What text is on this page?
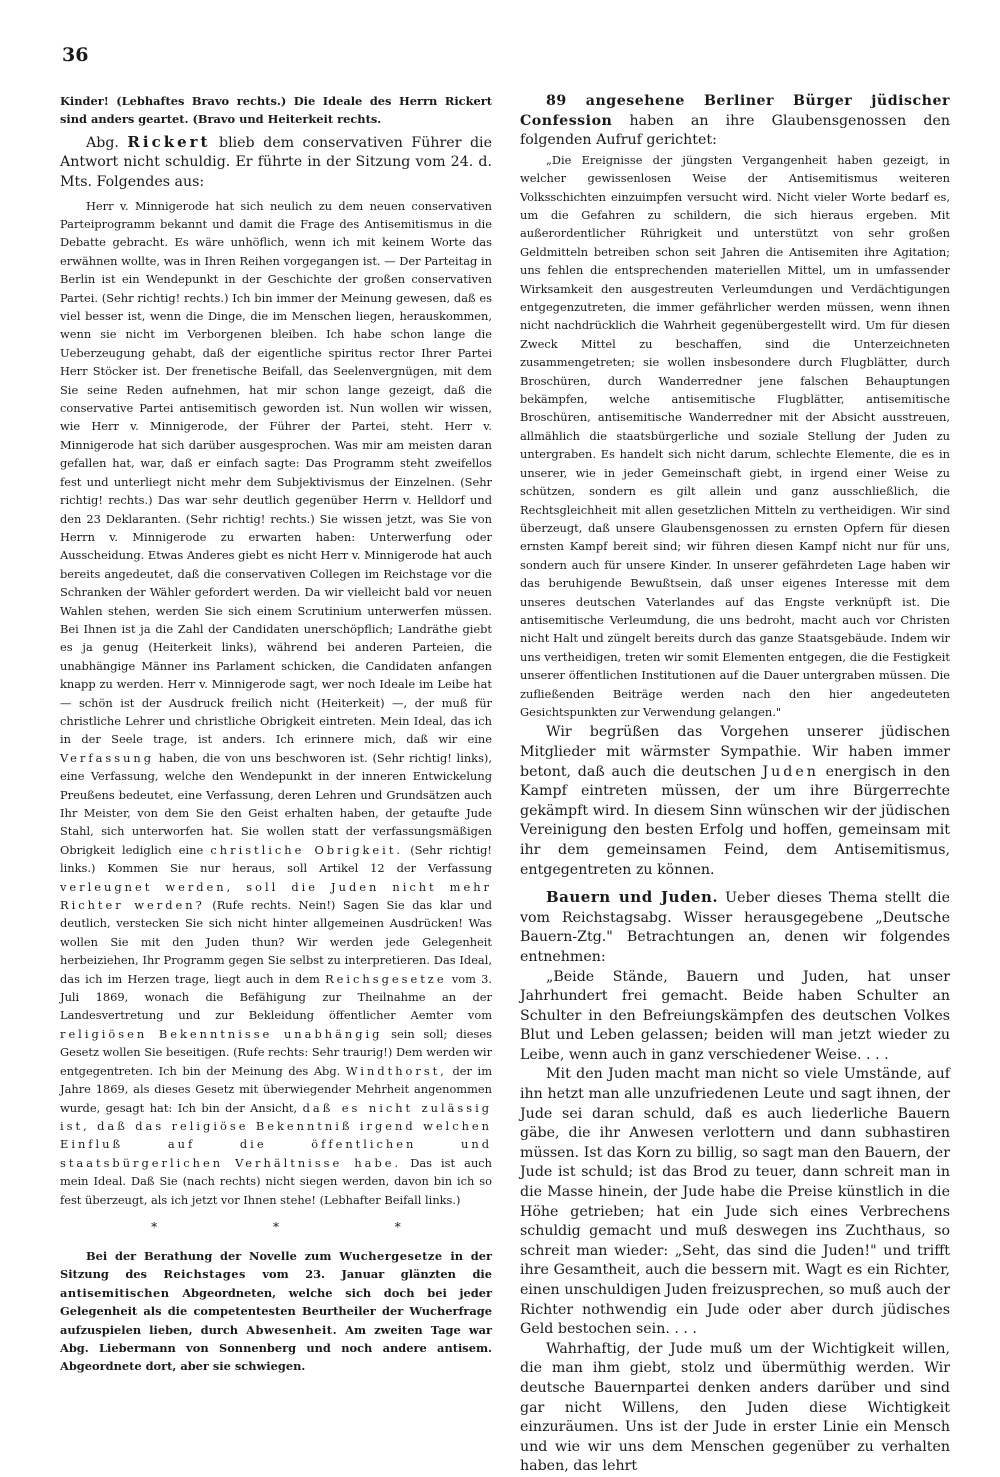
36

Kinder! (Lebhaftes Bravo rechts.) Die Ideale des Herrn Rickert sind anders geartet. (Bravo und Heiterkeit rechts.

Abg. Rickert blieb dem conservativen Führer die Antwort nicht schuldig. Er führte in der Sitzung vom 24. d. Mts. Folgendes aus:

Herr v. Minnigerode hat sich neulich zu dem neuen conservativen Parteiprogramm bekannt und damit die Frage des Antisemitismus in die Debatte gebracht. Es wäre unhöflich, wenn ich mit keinem Worte das erwähnen wollte, was in Ihren Reihen vorgegangen ist. — Der Parteitag in Berlin ist ein Wendepunkt in der Geschichte der großen conservativen Partei. (Sehr richtig! rechts.) Ich bin immer der Meinung gewesen, daß es viel besser ist, wenn die Dinge, die im Menschen liegen, herauskommen, wenn sie nicht im Verborgenen bleiben. Ich habe schon lange die Ueberzeugung gehabt, daß der eigentliche spiritus rector Ihrer Partei Herr Stöcker ist. Der frenetische Beifall, das Seelenvergnügen, mit dem Sie seine Reden aufnehmen, hat mir schon lange gezeigt, daß die conservative Partei antisemitisch geworden ist. Nun wollen wir wissen, wie Herr v. Minnigerode, der Führer der Partei, steht. Herr v. Minnigerode hat sich darüber ausgesprochen. Was mir am meisten daran gefallen hat, war, daß er einfach sagte: Das Programm steht zweifellos fest und unterliegt nicht mehr dem Subjektivismus der Einzelnen. (Sehr richtig! rechts.) Das war sehr deutlich gegenüber Herrn v. Helldorf und den 23 Deklaranten. (Sehr richtig! rechts.) Sie wissen jetzt, was Sie von Herrn v. Minnigerode zu erwarten haben: Unterwerfung oder Ausscheidung. Etwas Anderes giebt es nicht Herr v. Minnigerode hat auch bereits angedeutet, daß die conservativen Collegen im Reichstage vor die Schranken der Wähler gefordert werden. Da wir vielleicht bald vor neuen Wahlen stehen, werden Sie sich einem Scrutinium unterwerfen müssen. Bei Ihnen ist ja die Zahl der Candidaten unerschöpflich; Landräthe giebt es ja genug (Heiterkeit links), während bei anderen Parteien, die unabhängige Männer ins Parlament schicken, die Candidaten anfangen knapp zu werden. Herr v. Minnigerode sagt, wer noch Ideale im Leibe hat — schön ist der Ausdruck freilich nicht (Heiterkeit) —, der muß für christliche Lehrer und christliche Obrigkeit eintreten. Mein Ideal, das ich in der Seele trage, ist anders. Ich erinnere mich, daß wir eine Verfassung haben, die von uns beschworen ist. (Sehr richtig! links), eine Verfassung, welche den Wendepunkt in der inneren Entwickelung Preußens bedeutet, eine Verfassung, deren Lehren und Grundsätzen auch Ihr Meister, von dem Sie den Geist erhalten haben, der getaufte Jude Stahl, sich unterworfen hat. Sie wollen statt der verfassungsmäßigen Obrigkeit lediglich eine christliche Obrigkeit. (Sehr richtig! links.) Kommen Sie nur heraus, soll Artikel 12 der Verfassung verleugnet werden, soll die Juden nicht mehr Richter werden? (Rufe rechts. Nein!) Sagen Sie das klar und deutlich, verstecken Sie sich nicht hinter allgemeinen Ausdrücken! Was wollen Sie mit den Juden thun? Wir werden jede Gelegenheit herbeiziehen, Ihr Programm gegen Sie selbst zu interpretieren. Das Ideal, das ich im Herzen trage, liegt auch in dem Reichsgesetze vom 3. Juli 1869, wonach die Befähigung zur Theilnahme an der Landesvertretung und zur Bekleidung öffentlicher Aemter vom religiösen Bekenntnisse unabhängig sein soll; dieses Gesetz wollen Sie beseitigen. (Rufe rechts: Sehr traurig!) Dem werden wir entgegentreten. Ich bin der Meinung des Abg. Windthorst, der im Jahre 1869, als dieses Gesetz mit überwiegender Mehrheit angenommen wurde, gesagt hat: Ich bin der Ansicht, daß es nicht zulässig ist, daß das religiöse Bekenntniß irgend welchen Einfluß auf die öffentlichen und staatsbürgerlichen Verhältnisse habe. Das ist auch mein Ideal. Daß Sie (nach rechts) nicht siegen werden, davon bin ich so fest überzeugt, als ich jetzt vor Ihnen stehe! (Lebhafter Beifall links.)

* * *

Bei der Berathung der Novelle zum Wuchergesetze in der Sitzung des Reichstages vom 23. Januar glänzten die antisemitischen Abgeordneten, welche sich doch bei jeder Gelegenheit als die competentesten Beurtheiler der Wucherfrage aufzuspielen lieben, durch Abwesenheit. Am zweiten Tage war Abg. Liebermann von Sonnenberg und noch andere antisem. Abgeordnete dort, aber sie schwiegen.

89 angesehene Berliner Bürger jüdischer Confession haben an ihre Glaubensgenossen den folgenden Aufruf gerichtet:

„Die Ereignisse der jüngsten Vergangenheit haben gezeigt, in welcher gewissenlosen Weise der Antisemitismus weiteren Volksschichten einzuimpfen versucht wird. Nicht vieler Worte bedarf es, um die Gefahren zu schildern, die sich hieraus ergeben. Mit außerordentlicher Rührigkeit und unterstützt von sehr großen Geldmitteln betreiben schon seit Jahren die Antisemiten ihre Agitation; uns fehlen die entsprechenden materiellen Mittel, um in umfassender Wirksamkeit den ausgestreuten Verleumdungen und Verdächtigungen entgegenzutreten, die immer gefährlicher werden müssen, wenn ihnen nicht nachdrücklich die Wahrheit gegenübergestellt wird. Um für diesen Zweck Mittel zu beschaffen, sind die Unterzeichneten zusammengetreten; sie wollen insbesondere durch Flugblätter, durch Broschüren, durch Wanderredner jene falschen Behauptungen bekämpfen, welche antisemitische Flugblätter, antisemitische Broschüren, antisemitische Wanderredner mit der Absicht ausstreuen, allmählich die staatsbürgerliche und soziale Stellung der Juden zu untergraben. Es handelt sich nicht darum, schlechte Elemente, die es in unserer, wie in jeder Gemeinschaft giebt, in irgend einer Weise zu schützen, sondern es gilt allein und ganz ausschließlich, die Rechtsgleichheit mit allen gesetzlichen Mitteln zu vertheidigen. Wir sind überzeugt, daß unsere Glaubensgenossen zu ernsten Opfern für diesen ernsten Kampf bereit sind; wir führen diesen Kampf nicht nur für uns, sondern auch für unsere Kinder. In unserer gefährdeten Lage haben wir das beruhigende Bewußtsein, daß unser eigenes Interesse mit dem unseres deutschen Vaterlandes auf das Engste verknüpft ist. Die antisemitische Verleumdung, die uns bedroht, macht auch vor Christen nicht Halt und züngelt bereits durch das ganze Staatsgebäude. Indem wir uns vertheidigen, treten wir somit Elementen entgegen, die die Festigkeit unserer öffentlichen Institutionen auf die Dauer untergraben müssen. Die zufließenden Beiträge werden nach den hier angedeuteten Gesichtspunkten zur Verwendung gelangen."

Wir begrüßen das Vorgehen unserer jüdischen Mitglieder mit wärmster Sympathie. Wir haben immer betont, daß auch die deutschen Juden energisch in den Kampf eintreten müssen, der um ihre Bürgerrechte gekämpft wird. In diesem Sinn wünschen wir der jüdischen Vereinigung den besten Erfolg und hoffen, gemeinsam mit ihr dem gemeinsamen Feind, dem Antisemitismus, entgegentreten zu können.

Bauern und Juden. Ueber dieses Thema stellt die vom Reichstagsabg. Wisser herausgegebene „Deutsche Bauern-Ztg." Betrachtungen an, denen wir folgendes entnehmen:

„Beide Stände, Bauern und Juden, hat unser Jahrhundert frei gemacht. Beide haben Schulter an Schulter in den Befreiungskämpfen des deutschen Volkes Blut und Leben gelassen; beiden will man jetzt wieder zu Leibe, wenn auch in ganz verschiedener Weise. . . .

Mit den Juden macht man nicht so viele Umstände, auf ihn hetzt man alle unzufriedenen Leute und sagt ihnen, der Jude sei daran schuld, daß es auch liederliche Bauern gäbe, die ihr Anwesen verlottern und dann subhastiren müssen. Ist das Korn zu billig, so sagt man den Bauern, der Jude ist schuld; ist das Brod zu teuer, dann schreit man in die Masse hinein, der Jude habe die Preise künstlich in die Höhe getrieben; hat ein Jude sich eines Verbrechens schuldig gemacht und muß deswegen ins Zuchthaus, so schreit man wieder: „Seht, das sind die Juden!" und trifft ihre Gesamtheit, auch die bessern mit. Wagt es ein Richter, einen unschuldigen Juden freizusprechen, so muß auch der Richter nothwendig ein Jude oder aber durch jüdisches Geld bestochen sein. . . .

Wahrhaftig, der Jude muß um der Wichtigkeit willen, die man ihm giebt, stolz und übermüthig werden. Wir deutsche Bauernpartei denken anders darüber und sind gar nicht Willens, den Juden diese Wichtigkeit einzuräumen. Uns ist der Jude in erster Linie ein Mensch und wie wir uns dem Menschen gegenüber zu verhalten haben, das lehrt
